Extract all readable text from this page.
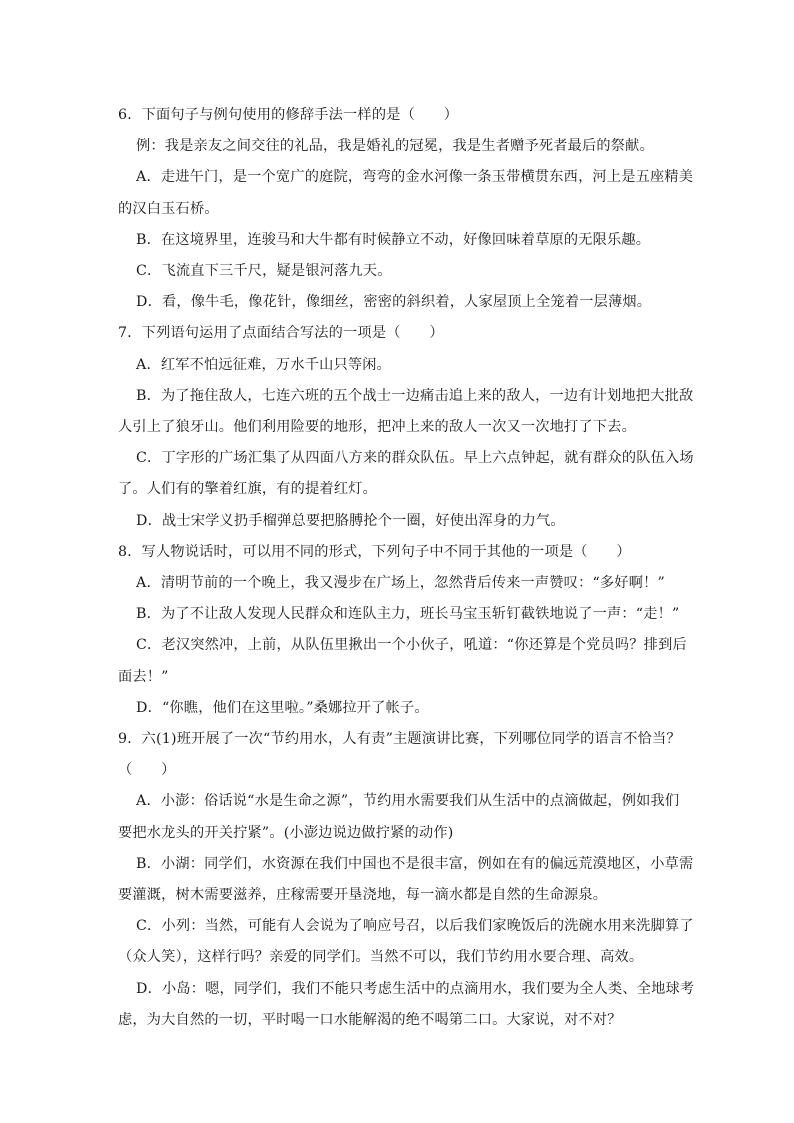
6．下面句子与例句使用的修辞手法一样的是（　　）
例：我是亲友之间交往的礼品，我是婚礼的冠冕，我是生者赠予死者最后的祭献。
A．走进午门，是一个宽广的庭院，弯弯的金水河像一条玉带横贯东西，河上是五座精美
的汉白玉石桥。
B．在这境界里，连骏马和大牛都有时候静立不动，好像回味着草原的无限乐趣。
C．飞流直下三千尺，疑是银河落九天。
D．看，像牛毛，像花针，像细丝，密密的斜织着，人家屋顶上全笼着一层薄烟。
7．下列语句运用了点面结合写法的一项是（　　）
A．红军不怕远征难，万水千山只等闲。
B．为了拖住敌人，七连六班的五个战士一边痛击追上来的敌人，一边有计划地把大批敌
人引上了狼牙山。他们利用险要的地形，把冲上来的敌人一次又一次地打了下去。
C．丁字形的广场汇集了从四面八方来的群众队伍。早上六点钟起，就有群众的队伍入场
了。人们有的擎着红旗，有的提着红灯。
D．战士宋学义扔手榴弹总要把胳膊抡个一圈，好使出浑身的力气。
8．写人物说话时，可以用不同的形式，下列句子中不同于其他的一项是（　　）
A．清明节前的一个晚上，我又漫步在广场上，忽然背后传来一声赞叹：“多好啊！”
B．为了不让敌人发现人民群众和连队主力，班长马宝玉斩钉截铁地说了一声：“走！”
C．老汉突然冲，上前，从队伍里揪出一个小伙子，吼道：“你还算是个党员吗？排到后
面去！”
D．“你瞧，他们在这里啦。”桑娜拉开了帐子。
9．六(1)班开展了一次“节约用水，人有责”主题演讲比赛，下列哪位同学的语言不恰当？
（　　）
A．小澎：俗话说“水是生命之源”，节约用水需要我们从生活中的点滴做起，例如我们
要把水龙头的开关拧紧”。(小澎边说边做拧紧的动作)
B．小湖：同学们，水资源在我们中国也不是很丰富，例如在有的偏远荒漠地区，小草需
要灌溉，树木需要滋养，庄稼需要开垦浇地，每一滴水都是自然的生命源泉。
C．小列：当然，可能有人会说为了响应号召，以后我们家晚饭后的洗碗水用来洗脚算了
（众人笑），这样行吗？亲爱的同学们。当然不可以，我们节约用水要合理、高效。
D．小岛：嗯，同学们，我们不能只考虑生活中的点滴用水，我们要为全人类、全地球考
虑，为大自然的一切，平时喝一口水能解渴的绝不喝第二口。大家说，对不对？
